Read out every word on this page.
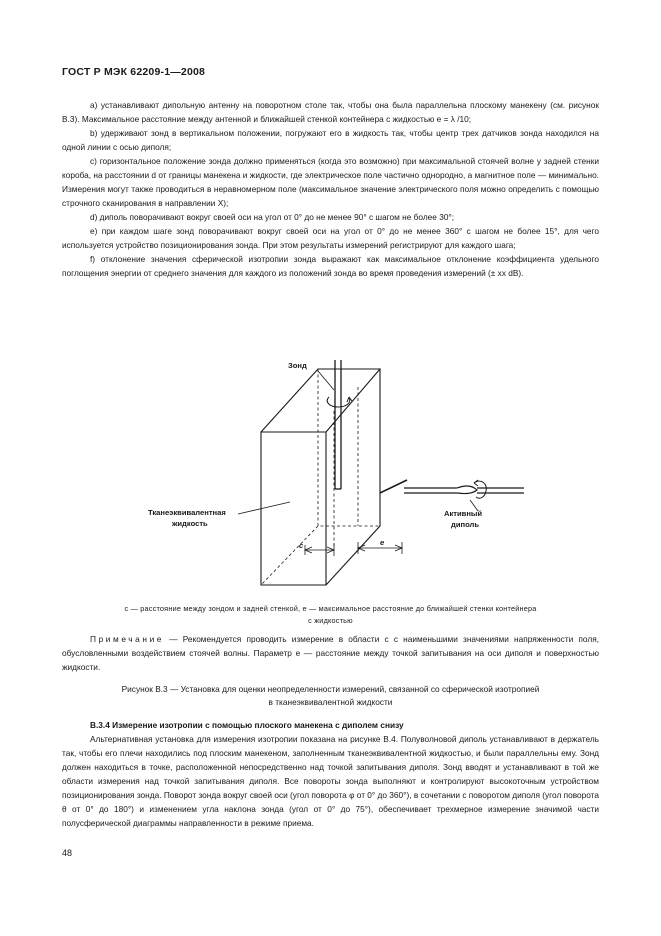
ГОСТ Р МЭК 62209-1—2008

a) устанавливают дипольную антенну на поворотном столе так, чтобы она была параллельна плоскому манекену (см. рисунок В.3). Максимальное расстояние между антенной и ближайшей стенкой контейнера с жидкостью e = λ /10;

b) удерживают зонд в вертикальном положении, погружают его в жидкость так, чтобы центр трех датчиков зонда находился на одной линии с осью диполя;

c) горизонтальное положение зонда должно применяться (когда это возможно) при максимальной стоячей волне у задней стенки короба, на расстоянии d от границы манекена и жидкости, где электрическое поле частично однородно, а магнитное поле — минимально. Измерения могут также проводиться в неравномерном поле (максимальное значение электрического поля можно определить с помощью строчного сканирования в направлении X);

d) диполь поворачивают вокруг своей оси на угол от 0° до не менее 90° с шагом не более 30°;

e) при каждом шаге зонд поворачивают вокруг своей оси на угол от 0° до не менее 360° с шагом не более 15°, для чего используется устройство позиционирования зонда. При этом результаты измерений регистрируют для каждого шага;

f) отклонение значения сферической изотропии зонда выражают как максимальное отклонение коэффициента удельного поглощения энергии от среднего значения для каждого из положений зонда во время проведения измерений (± xx dB).

Зонд
Тканеэквивалентная
жидкость
Активный
диполь
c	e
c — расстояние между зондом и задней стенкой, e — максимальное расстояние до ближайшей стенки контейнера
с жидкостью

Примечание — Рекомендуется проводить измерение в области с c наименьшими значениями напряженности поля, обусловленными воздействием стоячей волны. Параметр e — расстояние между точкой запитывания на оси диполя и поверхностью жидкости.

Рисунок В.3 — Установка для оценки неопределенности измерений, связанной со сферической изотропией
в тканеэквивалентной жидкости

В.3.4 Измерение изотропии с помощью плоского манекена с диполем снизу

Альтернативная установка для измерения изотропии показана на рисунке В.4. Полуволновой диполь устанавливают в держатель так, чтобы его плечи находились под плоским манекеном, заполненным тканеэквивалентной жидкостью, и были параллельны ему. Зонд должен находиться в точке, расположенной непосредственно над точкой запитывания диполя. Зонд вводят и устанавливают в той же области измерения над точкой запитывания диполя. Все повороты зонда выполняют и контролируют высокоточным устройством позиционирования зонда. Поворот зонда вокруг своей оси (угол поворота φ от 0° до 360°), в сочетании с поворотом диполя (угол поворота θ от 0° до 180°) и изменением угла наклона зонда (угол от 0° до 75°), обеспечивает трехмерное измерение значимой части полусферической диаграммы направленности в режиме приема.

48
